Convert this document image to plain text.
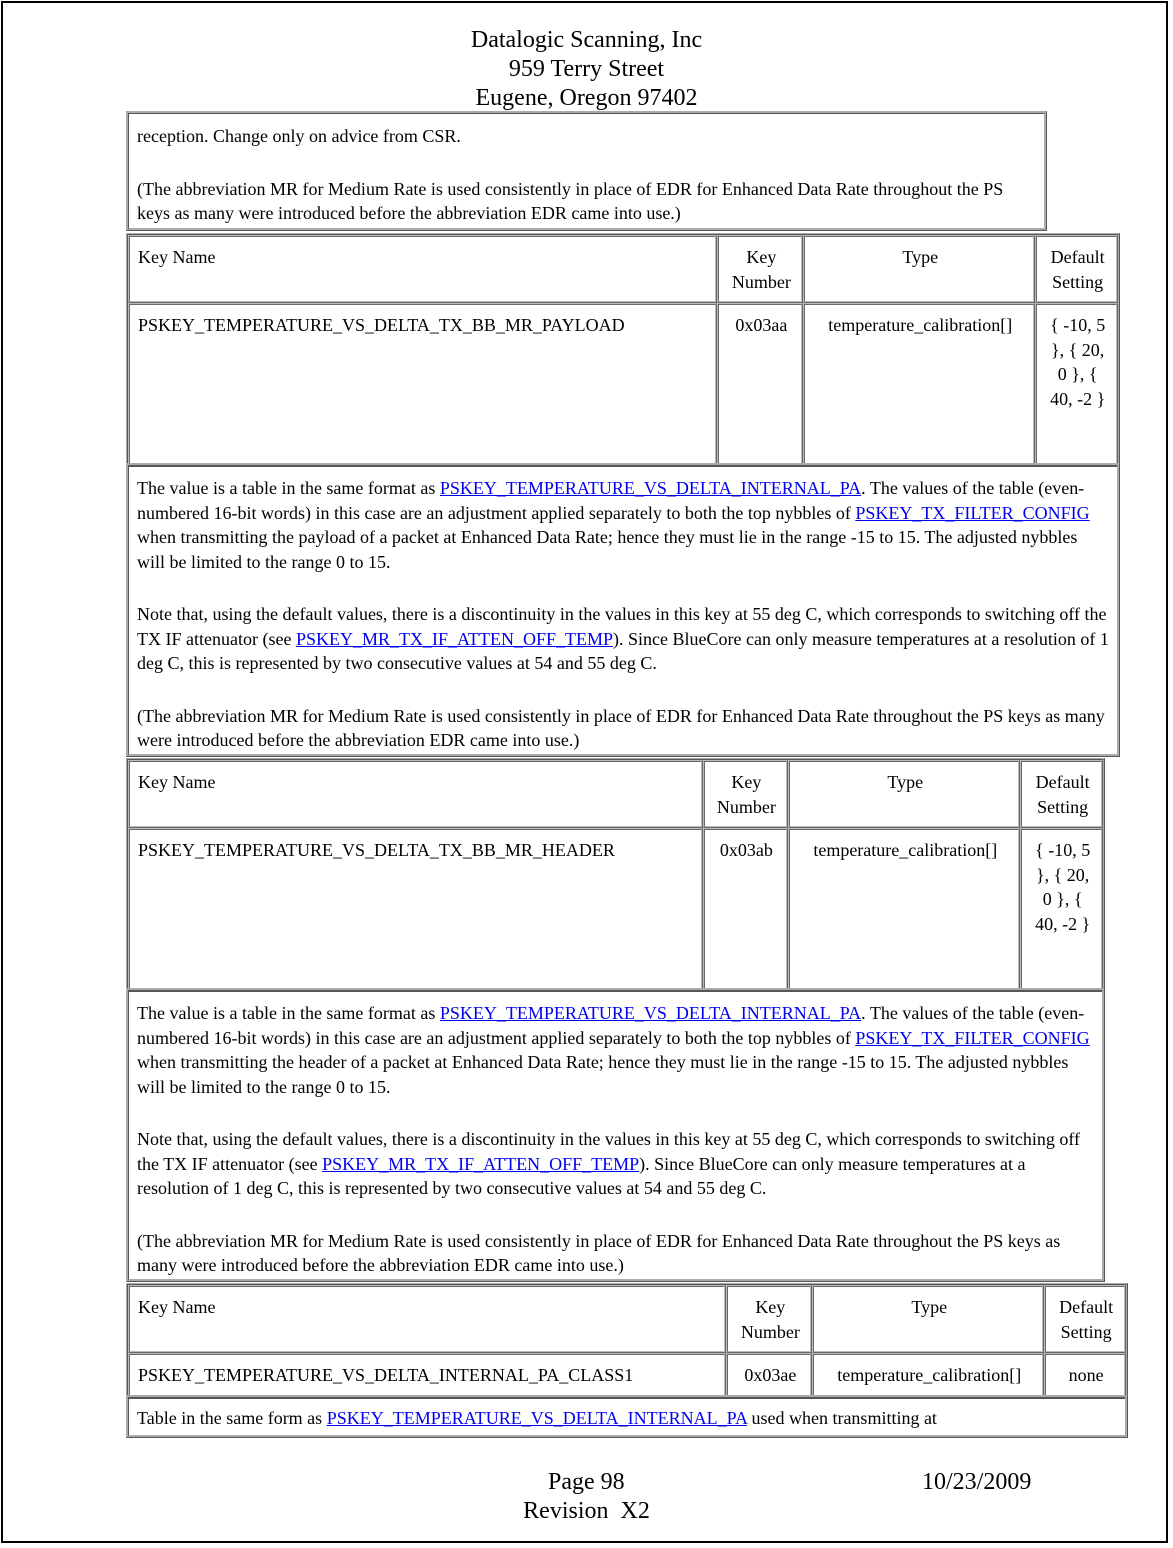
Datalogic Scanning, Inc
959 Terry Street
Eugene, Oregon 97402

reception. Change only on advice from CSR.

(The abbreviation MR for Medium Rate is used consistently in place of EDR for Enhanced Data Rate throughout the PS keys as many were introduced before the abbreviation EDR came into use.)

Key Name	Key Number	Type	Default Setting
PSKEY_TEMPERATURE_VS_DELTA_TX_BB_MR_PAYLOAD	0x03aa	temperature_calibration[]	{ -10, 5 }, { 20, 0 }, { 40, -2 }

The value is a table in the same format as PSKEY_TEMPERATURE_VS_DELTA_INTERNAL_PA. The values of the table (even-numbered 16-bit words) in this case are an adjustment applied separately to both the top nybbles of PSKEY_TX_FILTER_CONFIG when transmitting the payload of a packet at Enhanced Data Rate; hence they must lie in the range -15 to 15. The adjusted nybbles will be limited to the range 0 to 15.

Note that, using the default values, there is a discontinuity in the values in this key at 55 deg C, which corresponds to switching off the TX IF attenuator (see PSKEY_MR_TX_IF_ATTEN_OFF_TEMP). Since BlueCore can only measure temperatures at a resolution of 1 deg C, this is represented by two consecutive values at 54 and 55 deg C.

(The abbreviation MR for Medium Rate is used consistently in place of EDR for Enhanced Data Rate throughout the PS keys as many were introduced before the abbreviation EDR came into use.)

Key Name	Key Number	Type	Default Setting
PSKEY_TEMPERATURE_VS_DELTA_TX_BB_MR_HEADER	0x03ab	temperature_calibration[]	{ -10, 5 }, { 20, 0 }, { 40, -2 }

The value is a table in the same format as PSKEY_TEMPERATURE_VS_DELTA_INTERNAL_PA. The values of the table (even-numbered 16-bit words) in this case are an adjustment applied separately to both the top nybbles of PSKEY_TX_FILTER_CONFIG when transmitting the header of a packet at Enhanced Data Rate; hence they must lie in the range -15 to 15. The adjusted nybbles will be limited to the range 0 to 15.

Note that, using the default values, there is a discontinuity in the values in this key at 55 deg C, which corresponds to switching off the TX IF attenuator (see PSKEY_MR_TX_IF_ATTEN_OFF_TEMP). Since BlueCore can only measure temperatures at a resolution of 1 deg C, this is represented by two consecutive values at 54 and 55 deg C.

(The abbreviation MR for Medium Rate is used consistently in place of EDR for Enhanced Data Rate throughout the PS keys as many were introduced before the abbreviation EDR came into use.)

Key Name	Key Number	Type	Default Setting
PSKEY_TEMPERATURE_VS_DELTA_INTERNAL_PA_CLASS1	0x03ae	temperature_calibration[]	none

Table in the same form as PSKEY_TEMPERATURE_VS_DELTA_INTERNAL_PA used when transmitting at

Page 98	10/23/2009
Revision  X2
